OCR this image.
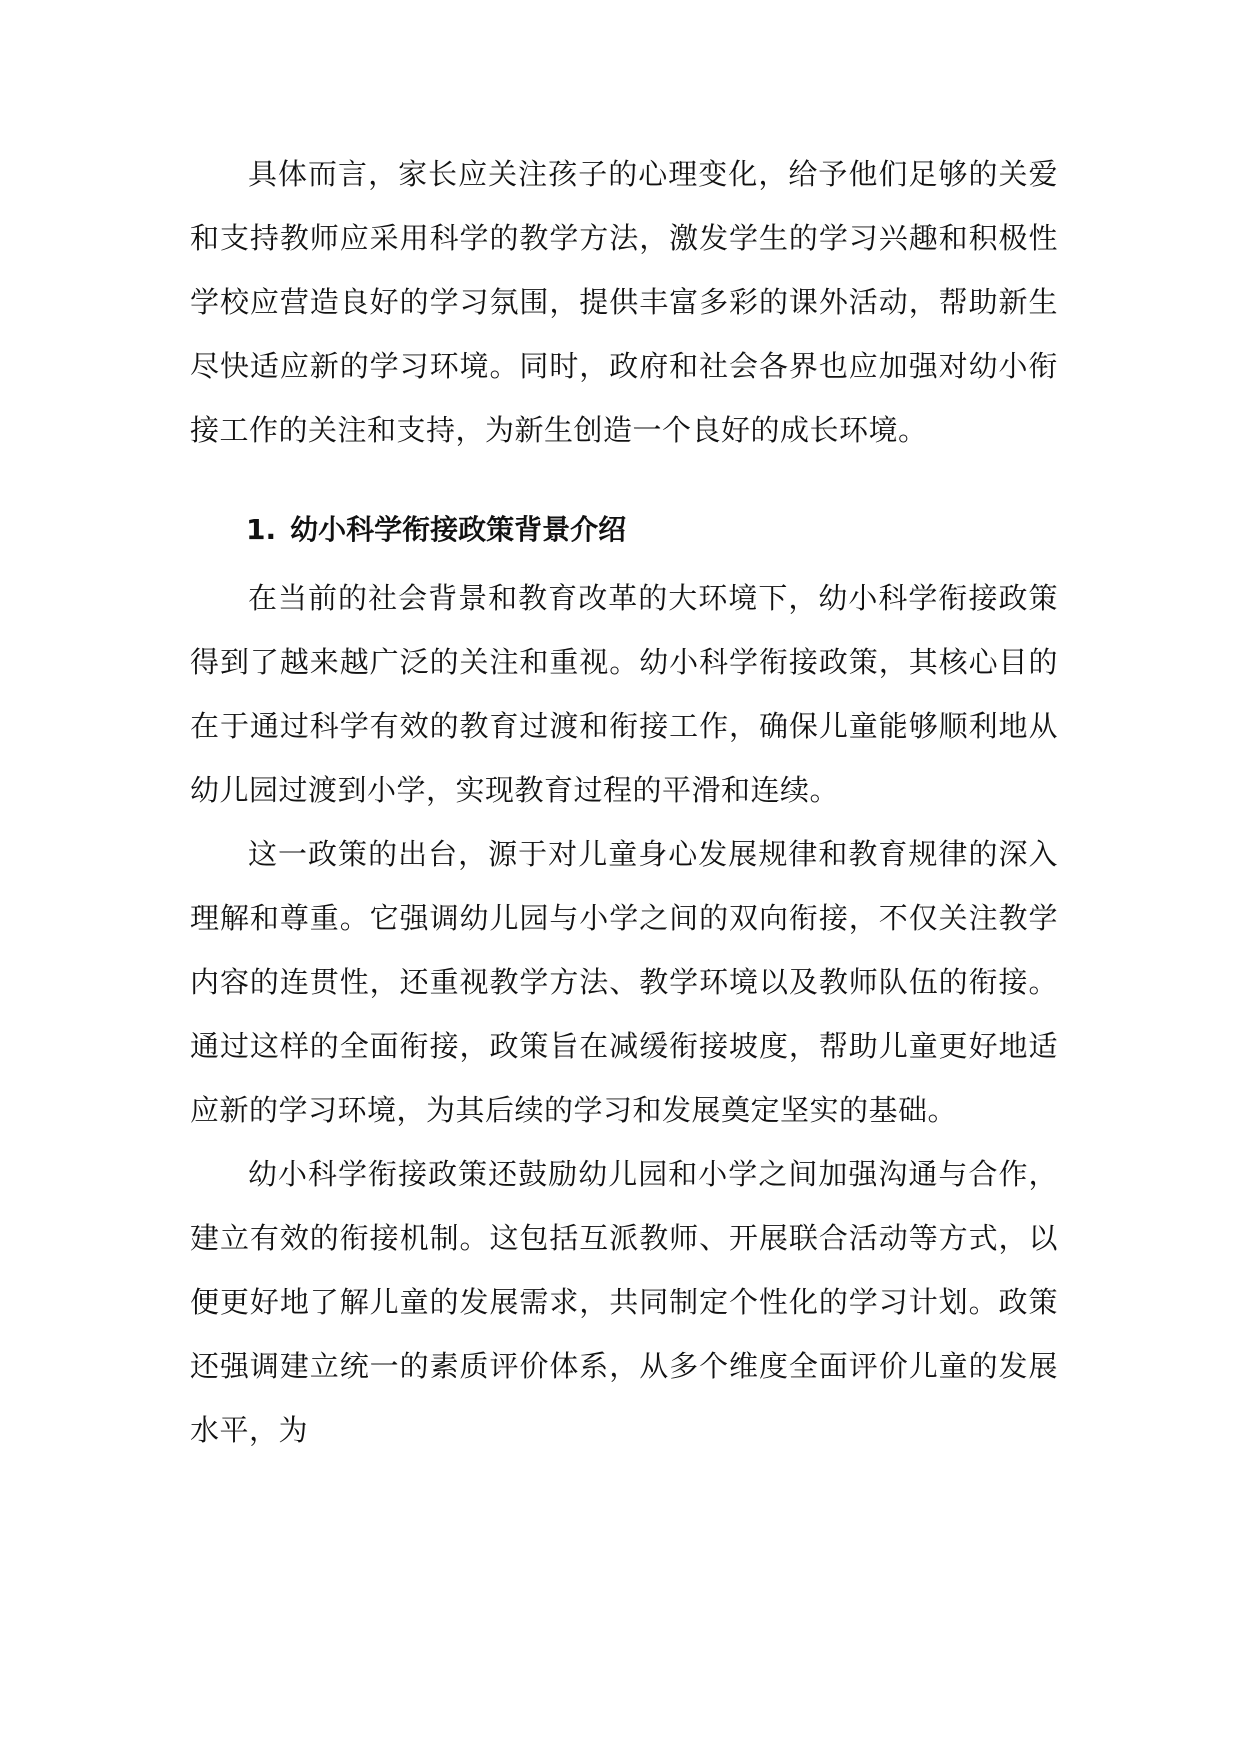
具体而言，家长应关注孩子的心理变化，给予他们足够的关爱和支持教师应采用科学的教学方法，激发学生的学习兴趣和积极性学校应营造良好的学习氛围，提供丰富多彩的课外活动，帮助新生尽快适应新的学习环境。同时，政府和社会各界也应加强对幼小衔接工作的关注和支持，为新生创造一个良好的成长环境。

1. 幼小科学衔接政策背景介绍

在当前的社会背景和教育改革的大环境下，幼小科学衔接政策得到了越来越广泛的关注和重视。幼小科学衔接政策，其核心目的在于通过科学有效的教育过渡和衔接工作，确保儿童能够顺利地从幼儿园过渡到小学，实现教育过程的平滑和连续。

这一政策的出台，源于对儿童身心发展规律和教育规律的深入理解和尊重。它强调幼儿园与小学之间的双向衔接，不仅关注教学内容的连贯性，还重视教学方法、教学环境以及教师队伍的衔接。通过这样的全面衔接，政策旨在减缓衔接坡度，帮助儿童更好地适应新的学习环境，为其后续的学习和发展奠定坚实的基础。

幼小科学衔接政策还鼓励幼儿园和小学之间加强沟通与合作，建立有效的衔接机制。这包括互派教师、开展联合活动等方式，以便更好地了解儿童的发展需求，共同制定个性化的学习计划。政策还强调建立统一的素质评价体系，从多个维度全面评价儿童的发展水平，为
